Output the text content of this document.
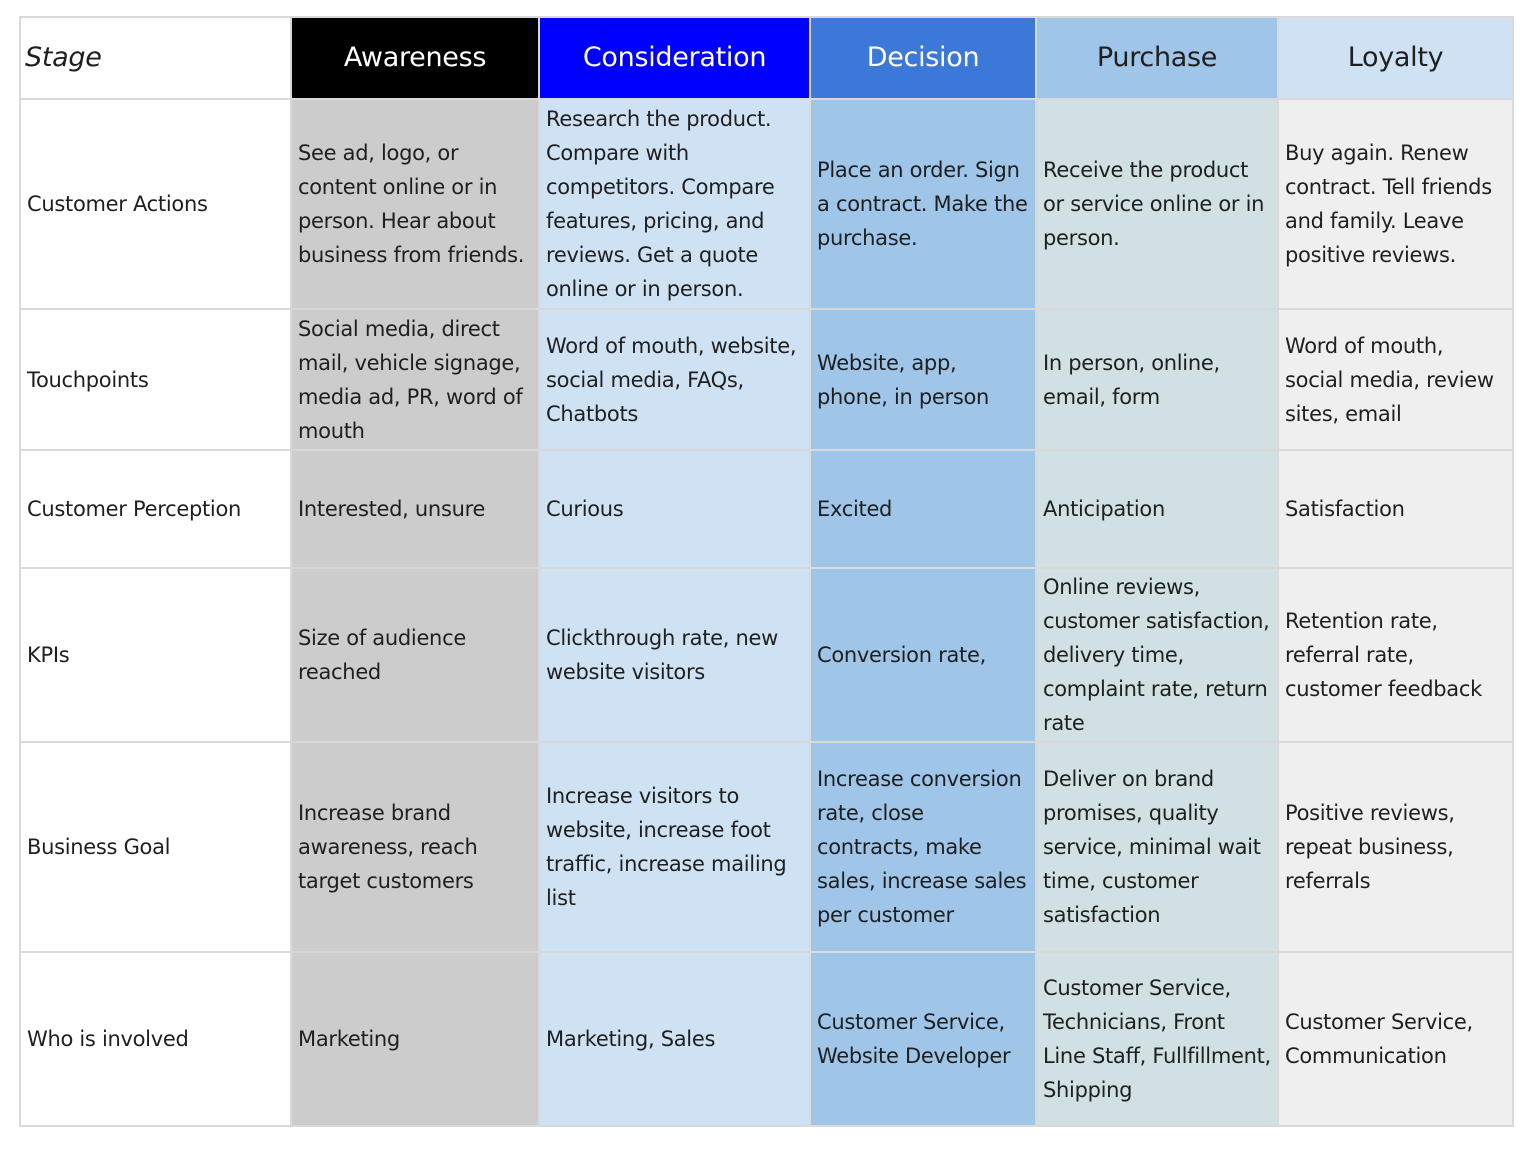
Stage	Awareness	Consideration	Decision	Purchase	Loyalty
Customer Actions	See ad, logo, or content online or in person. Hear about business from friends.	Research the product. Compare with competitors. Compare features, pricing, and reviews. Get a quote online or in person.	Place an order. Sign a contract. Make the purchase.	Receive the product or service online or in person.	Buy again. Renew contract. Tell friends and family. Leave positive reviews.
Touchpoints	Social media, direct mail, vehicle signage, media ad, PR, word of mouth	Word of mouth, website, social media, FAQs, Chatbots	Website, app, phone, in person	In person, online, email, form	Word of mouth, social media, review sites, email
Customer Perception	Interested, unsure	Curious	Excited	Anticipation	Satisfaction
KPIs	Size of audience reached	Clickthrough rate, new website visitors	Conversion rate,	Online reviews, customer satisfaction, delivery time, complaint rate, return rate	Retention rate, referral rate, customer feedback
Business Goal	Increase brand awareness, reach target customers	Increase visitors to website, increase foot traffic, increase mailing list	Increase conversion rate, close contracts, make sales, increase sales per customer	Deliver on brand promises, quality service, minimal wait time, customer satisfaction	Positive reviews, repeat business, referrals
Who is involved	Marketing	Marketing, Sales	Customer Service, Website Developer	Customer Service, Technicians, Front Line Staff, Fullfillment, Shipping	Customer Service, Communication
